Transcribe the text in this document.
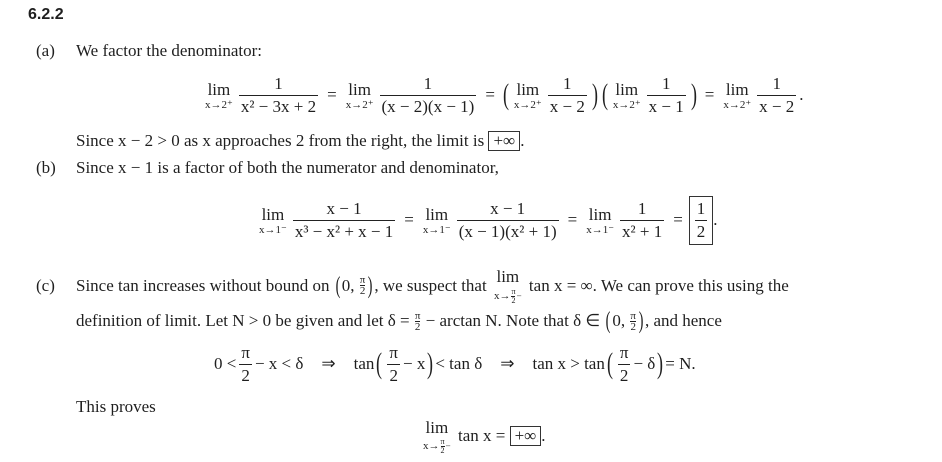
6.2.2
(a) We factor the denominator:
lim
$x\to 2^+ \frac{1}{\text{x² − 3x + 2}} = \lim$
$x\to 2^+ \frac{1}{(x - 2)(x - 1)}$ = ( lim
$x\to 2^+ \frac{1}{x - 2}$ ) ( lim
$x\to 2^+ \frac{1}{x - 1}$ ) = lim
$x\to 2^+ \frac{1}{x - 2}$ .
Since x − 2 > 0 as x approaches 2 from the right, the limit is +∞ .
(b) Since x − 1 is a factor of both the numerator and denominator,
lim
$x\to 1^- \frac{x - 1}{\text{x³ − x² + x − 1}} = \lim$
$x\to 1^- \frac{x - 1}{\text{(x − 1)(x² + 1)}} = \lim$
$x\to 1^- \frac{1}{\text{x² + 1}} = \frac{1}{2}$ .
(c)	Since tan increases without bound on
( 0,
π
2 ) , we suspect that
lim
x→ π
2 −

tan x = ∞. We can prove this using the
definition of limit. Let N > 0 be given and let δ =
$\frac{\pi}{2}$
− arctan N. Note that δ ∈
( 0,
π
2 ) , and hence
$0 < \frac{\pi}{2} - x < \delta$ ⇒ tan ( $\frac{\pi}{2} - x$ ) < tan δ ⇒ tan x > tan ( $\frac{\pi}{2} - \delta$ ) = N.
This proves
lim
x→ π
2 −

tan x =
+∞ .
